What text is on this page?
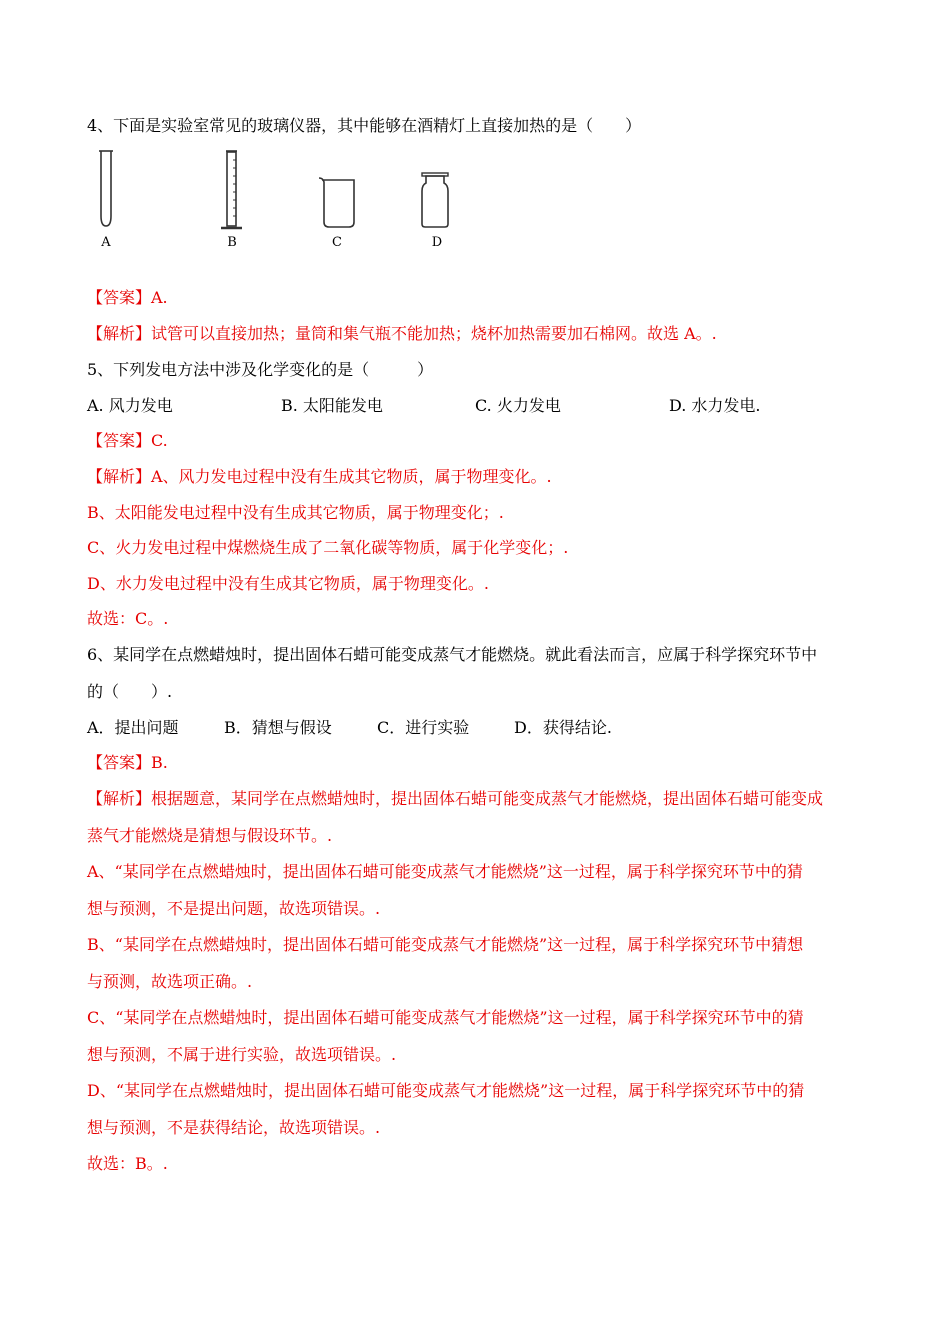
4、下面是实验室常见的玻璃仪器，其中能够在酒精灯上直接加热的是（　　）
A	B	C	D
【答案】A.
【解析】试管可以直接加热；量筒和集气瓶不能加热；烧杯加热需要加石棉网。故选 A。.
5、下列发电方法中涉及化学变化的是（　　　）
A. 风力发电	B. 太阳能发电	C. 火力发电	D. 水力发电.
【答案】C.
【解析】A、风力发电过程中没有生成其它物质，属于物理变化。.
B、太阳能发电过程中没有生成其它物质，属于物理变化；.
C、火力发电过程中煤燃烧生成了二氧化碳等物质，属于化学变化；.
D、水力发电过程中没有生成其它物质，属于物理变化。.
故选：C。.
6、某同学在点燃蜡烛时，提出固体石蜡可能变成蒸气才能燃烧。就此看法而言，应属于科学探究环节中
的（　　）.
A．提出问题	B．猜想与假设	C．进行实验	D．获得结论.
【答案】B.
【解析】根据题意，某同学在点燃蜡烛时，提出固体石蜡可能变成蒸气才能燃烧，提出固体石蜡可能变成
蒸气才能燃烧是猜想与假设环节。.
A、“某同学在点燃蜡烛时，提出固体石蜡可能变成蒸气才能燃烧”这一过程，属于科学探究环节中的猜
想与预测，不是提出问题，故选项错误。.
B、“某同学在点燃蜡烛时，提出固体石蜡可能变成蒸气才能燃烧”这一过程，属于科学探究环节中猜想
与预测，故选项正确。.
C、“某同学在点燃蜡烛时，提出固体石蜡可能变成蒸气才能燃烧”这一过程，属于科学探究环节中的猜
想与预测，不属于进行实验，故选项错误。.
D、“某同学在点燃蜡烛时，提出固体石蜡可能变成蒸气才能燃烧”这一过程，属于科学探究环节中的猜
想与预测，不是获得结论，故选项错误。.
故选：B。.
